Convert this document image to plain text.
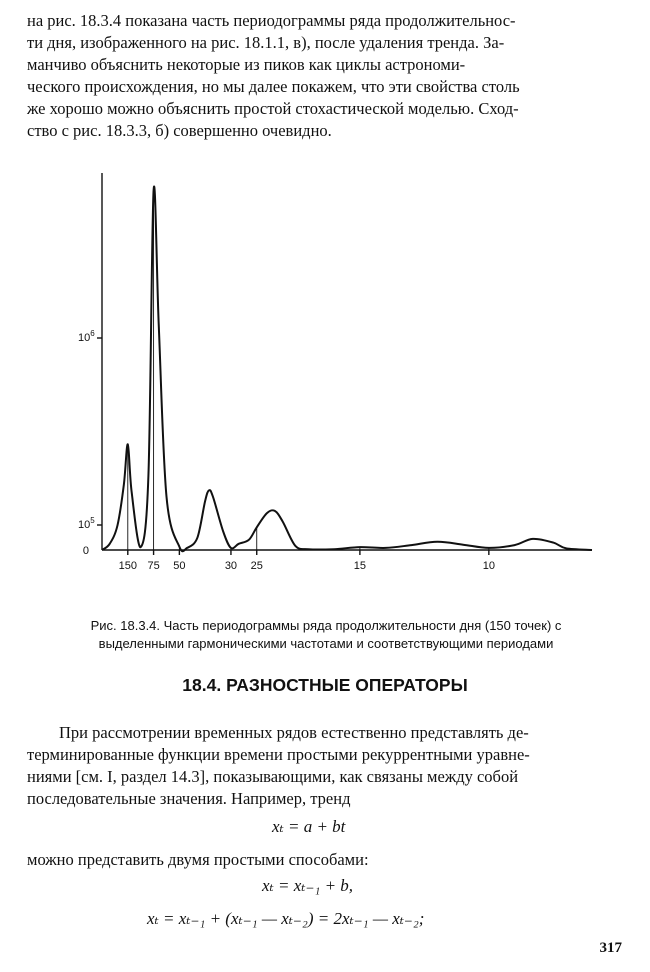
на рис. 18.3.4 показана часть периодограммы ряда продолжительнос-
ти дня, изображенного на рис. 18.1.1, в), после удаления тренда. За-
манчиво объяснить некоторые из пиков как циклы астрономи-
ческого происхождения, но мы далее покажем, что эти свойства столь
же хорошо можно объяснить простой стохастической моделью. Сход-
ство с рис. 18.3.3, б) совершенно очевидно.
0
$10^5$
$10^6$
150 75 50	30 25	15	10

Рис. 18.3.4. Часть периодограммы ряда продолжительности дня (150 точек) с
выделенными гармоническими частотами и соответствующими периодами

18.4. РАЗНОСТНЫЕ ОПЕРАТОРЫ
При рассмотрении временных рядов естественно представлять де-
терминированные функции времени простыми рекуррентными уравне-
ниями [см. I, раздел 14.3], показывающими, как связаны между собой
последовательные значения. Например, тренд

xₜ = a + bt

можно представить двумя простыми способами:

xₜ = xₜ₋₁ + b,

xₜ = xₜ₋₁ + (xₜ₋₁ — xₜ₋₂) = 2xₜ₋₁ — xₜ₋₂;

317
